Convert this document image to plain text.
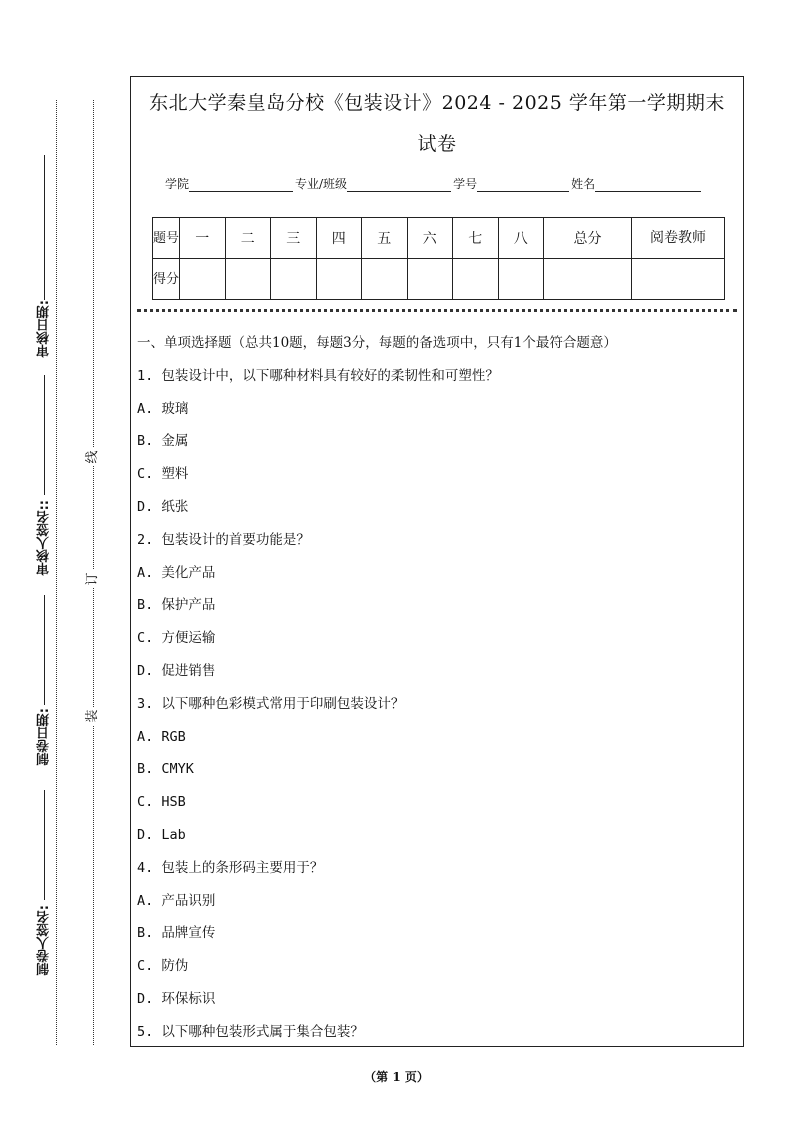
线
订
装
审核日期:
审核人签名::
制卷日期:
制卷人签名:
东北大学秦皇岛分校《包装设计》2024 - 2025 学年第一学期期末
试卷
学院	专业/班级	学号	姓名
题号	一	二	三	四	五	六	七	八	总分	阅卷教师
得分										
一、单项选择题（总共10题，每题3分，每题的备选项中，只有1个最符合题意）
1. 包装设计中，以下哪种材料具有较好的柔韧性和可塑性？
A. 玻璃
B. 金属
C. 塑料
D. 纸张
2. 包装设计的首要功能是？
A. 美化产品
B. 保护产品
C. 方便运输
D. 促进销售
3. 以下哪种色彩模式常用于印刷包装设计？
A. RGB
B. CMYK
C. HSB
D. Lab
4. 包装上的条形码主要用于？
A. 产品识别
B. 品牌宣传
C. 防伪
D. 环保标识
5. 以下哪种包装形式属于集合包装？
（第 1 页）
